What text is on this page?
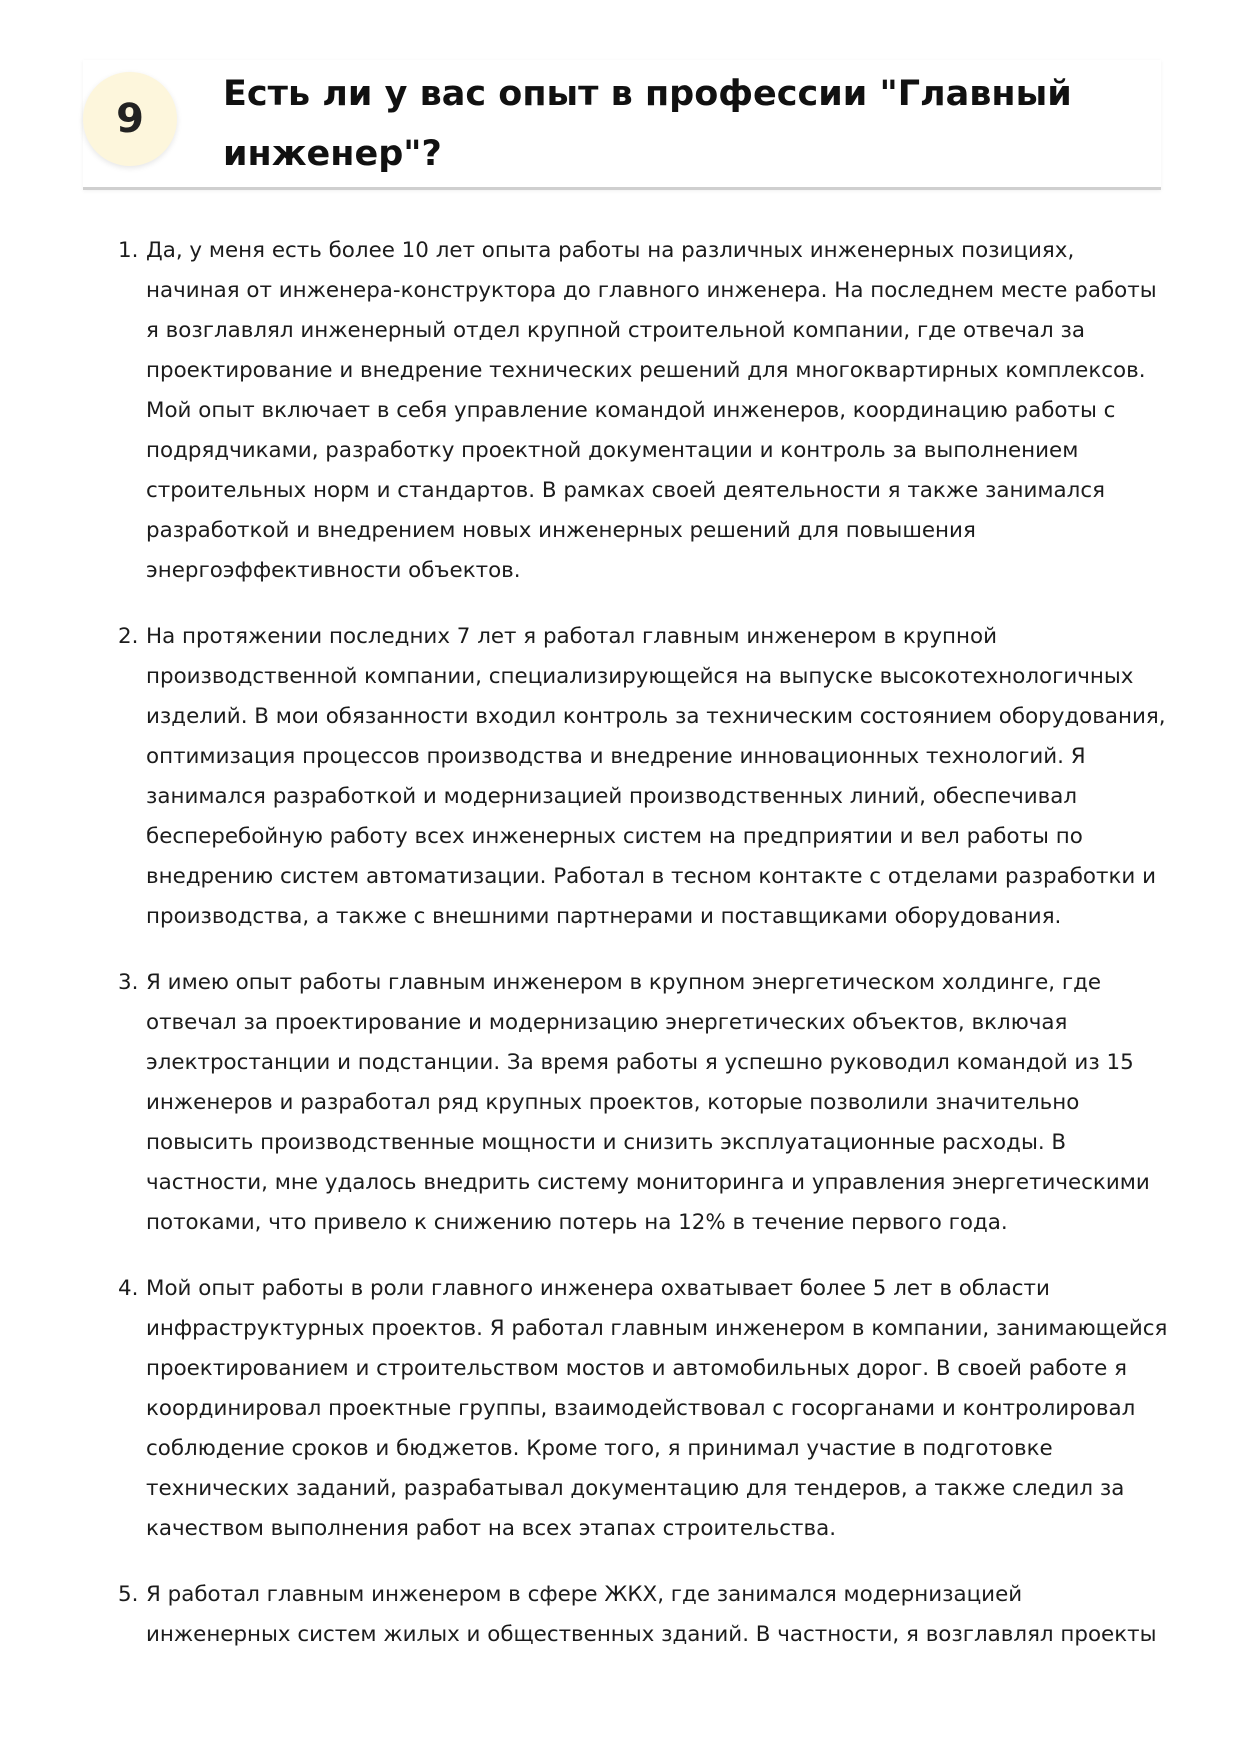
9
Есть ли у вас опыт в профессии "Главный инженер"?
1. Да, у меня есть более 10 лет опыта работы на различных инженерных позициях, начиная от инженера-конструктора до главного инженера. На последнем месте работы я возглавлял инженерный отдел крупной строительной компании, где отвечал за проектирование и внедрение технических решений для многоквартирных комплексов. Мой опыт включает в себя управление командой инженеров, координацию работы с подрядчиками, разработку проектной документации и контроль за выполнением строительных норм и стандартов. В рамках своей деятельности я также занимался разработкой и внедрением новых инженерных решений для повышения энергоэффективности объектов.
2. На протяжении последних 7 лет я работал главным инженером в крупной производственной компании, специализирующейся на выпуске высокотехнологичных изделий. В мои обязанности входил контроль за техническим состоянием оборудования, оптимизация процессов производства и внедрение инновационных технологий. Я занимался разработкой и модернизацией производственных линий, обеспечивал бесперебойную работу всех инженерных систем на предприятии и вел работы по внедрению систем автоматизации. Работал в тесном контакте с отделами разработки и производства, а также с внешними партнерами и поставщиками оборудования.
3. Я имею опыт работы главным инженером в крупном энергетическом холдинге, где отвечал за проектирование и модернизацию энергетических объектов, включая электростанции и подстанции. За время работы я успешно руководил командой из 15 инженеров и разработал ряд крупных проектов, которые позволили значительно повысить производственные мощности и снизить эксплуатационные расходы. В частности, мне удалось внедрить систему мониторинга и управления энергетическими потоками, что привело к снижению потерь на 12% в течение первого года.
4. Мой опыт работы в роли главного инженера охватывает более 5 лет в области инфраструктурных проектов. Я работал главным инженером в компании, занимающейся проектированием и строительством мостов и автомобильных дорог. В своей работе я координировал проектные группы, взаимодействовал с госорганами и контролировал соблюдение сроков и бюджетов. Кроме того, я принимал участие в подготовке технических заданий, разрабатывал документацию для тендеров, а также следил за качеством выполнения работ на всех этапах строительства.
5. Я работал главным инженером в сфере ЖКХ, где занимался модернизацией инженерных систем жилых и общественных зданий. В частности, я возглавлял проекты
